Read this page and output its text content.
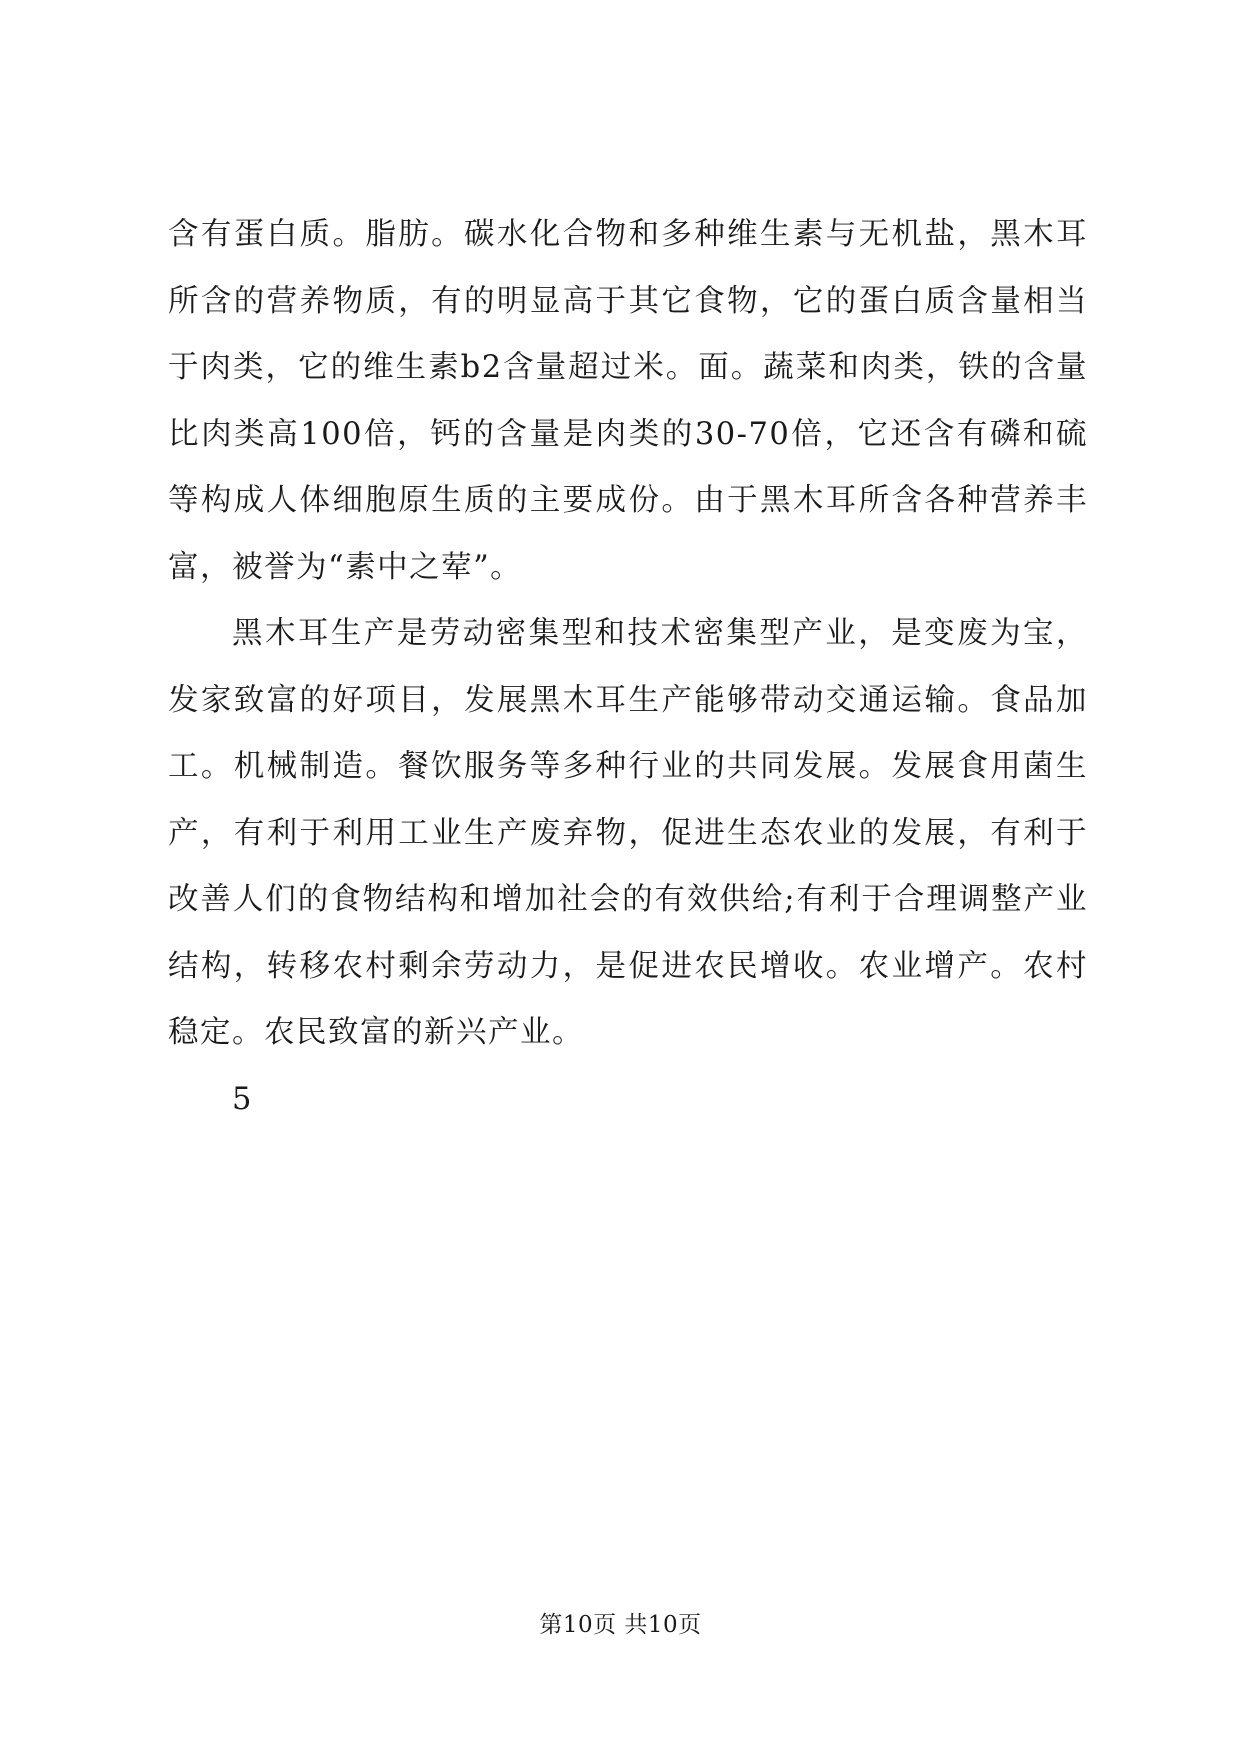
含有蛋白质。脂肪。碳水化合物和多种维生素与无机盐，黑木耳所含的营养物质，有的明显高于其它食物，它的蛋白质含量相当于肉类，它的维生素b2含量超过米。面。蔬菜和肉类，铁的含量比肉类高100倍，钙的含量是肉类的30-70倍，它还含有磷和硫等构成人体细胞原生质的主要成份。由于黑木耳所含各种营养丰富，被誉为“素中之荤”。

黑木耳生产是劳动密集型和技术密集型产业，是变废为宝，发家致富的好项目，发展黑木耳生产能够带动交通运输。食品加工。机械制造。餐饮服务等多种行业的共同发展。发展食用菌生产，有利于利用工业生产废弃物，促进生态农业的发展，有利于改善人们的食物结构和增加社会的有效供给;有利于合理调整产业结构，转移农村剩余劳动力，是促进农民增收。农业增产。农村稳定。农民致富的新兴产业。

5

第10页 共10页
